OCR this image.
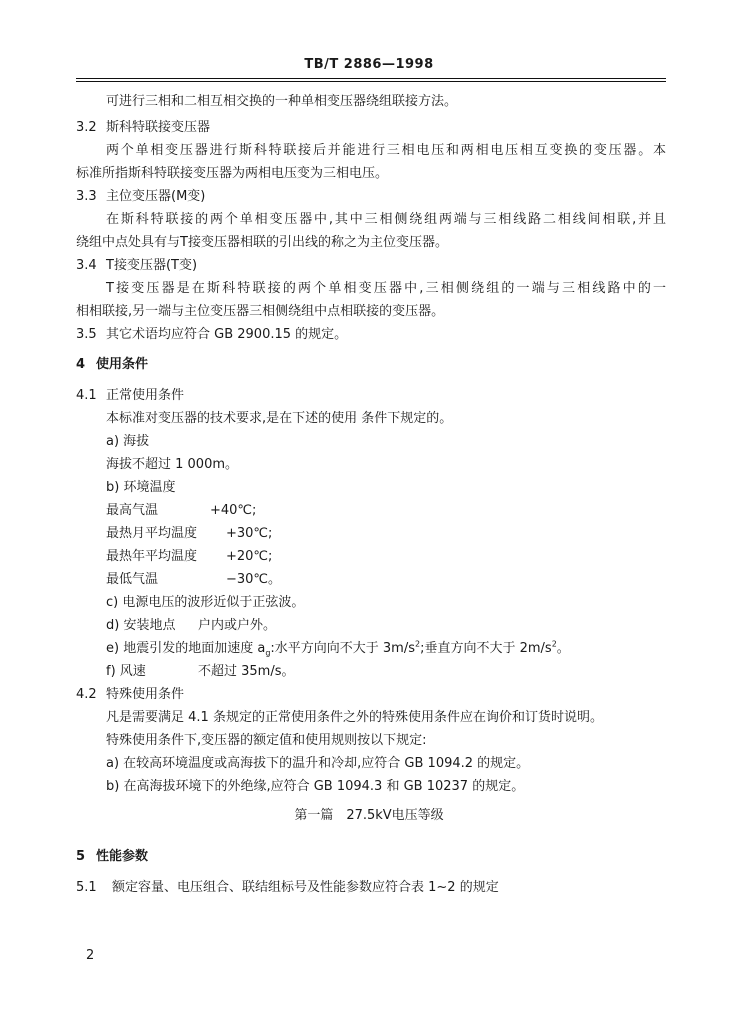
TB/T 2886—1998
可进行三相和二相互相交换的一种单相变压器绕组联接方法。
3.2 斯科特联接变压器
两个单相变压器进行斯科特联接后并能进行三相电压和两相电压相互变换的变压器。本
标准所指斯科特联接变压器为两相电压变为三相电压。
3.3 主位变压器(M变)
在斯科特联接的两个单相变压器中,其中三相侧绕组两端与三相线路二相线间相联,并且
绕组中点处具有与T接变压器相联的引出线的称之为主位变压器。
3.4 T接变压器(T变)
T接变压器是在斯科特联接的两个单相变压器中,三相侧绕组的一端与三相线路中的一
相相联接,另一端与主位变压器三相侧绕组中点相联接的变压器。
3.5 其它术语均应符合 GB 2900.15 的规定。
4 使用条件
4.1 正常使用条件
本标准对变压器的技术要求,是在下述的使用 条件下规定的。
a) 海拔
海拔不超过 1 000m。
b) 环境温度
最高气温	+40℃;
最热月平均温度 +30℃;
最热年平均温度 +20℃;
最低气温	−30℃。
c) 电源电压的波形近似于正弦波。
d) 安装地点 户内或户外。
e) 地震引发的地面加速度 $a_g$:水平方向向不大于 $3m/s^2$;垂直方向不大于 $2m/s^2$。
f) 风速	不超过 35m/s。
4.2 特殊使用条件
凡是需要满足 4.1 条规定的正常使用条件之外的特殊使用条件应在询价和订货时说明。
特殊使用条件下,变压器的额定值和使用规则按以下规定:
a) 在较高环境温度或高海拔下的温升和冷却,应符合 GB 1094.2 的规定。
b) 在高海拔环境下的外绝缘,应符合 GB 1094.3 和 GB 10237 的规定。
第一篇　27.5kV电压等级
5 性能参数
5.1 额定容量、电压组合、联结组标号及性能参数应符合表 1~2 的规定
2
